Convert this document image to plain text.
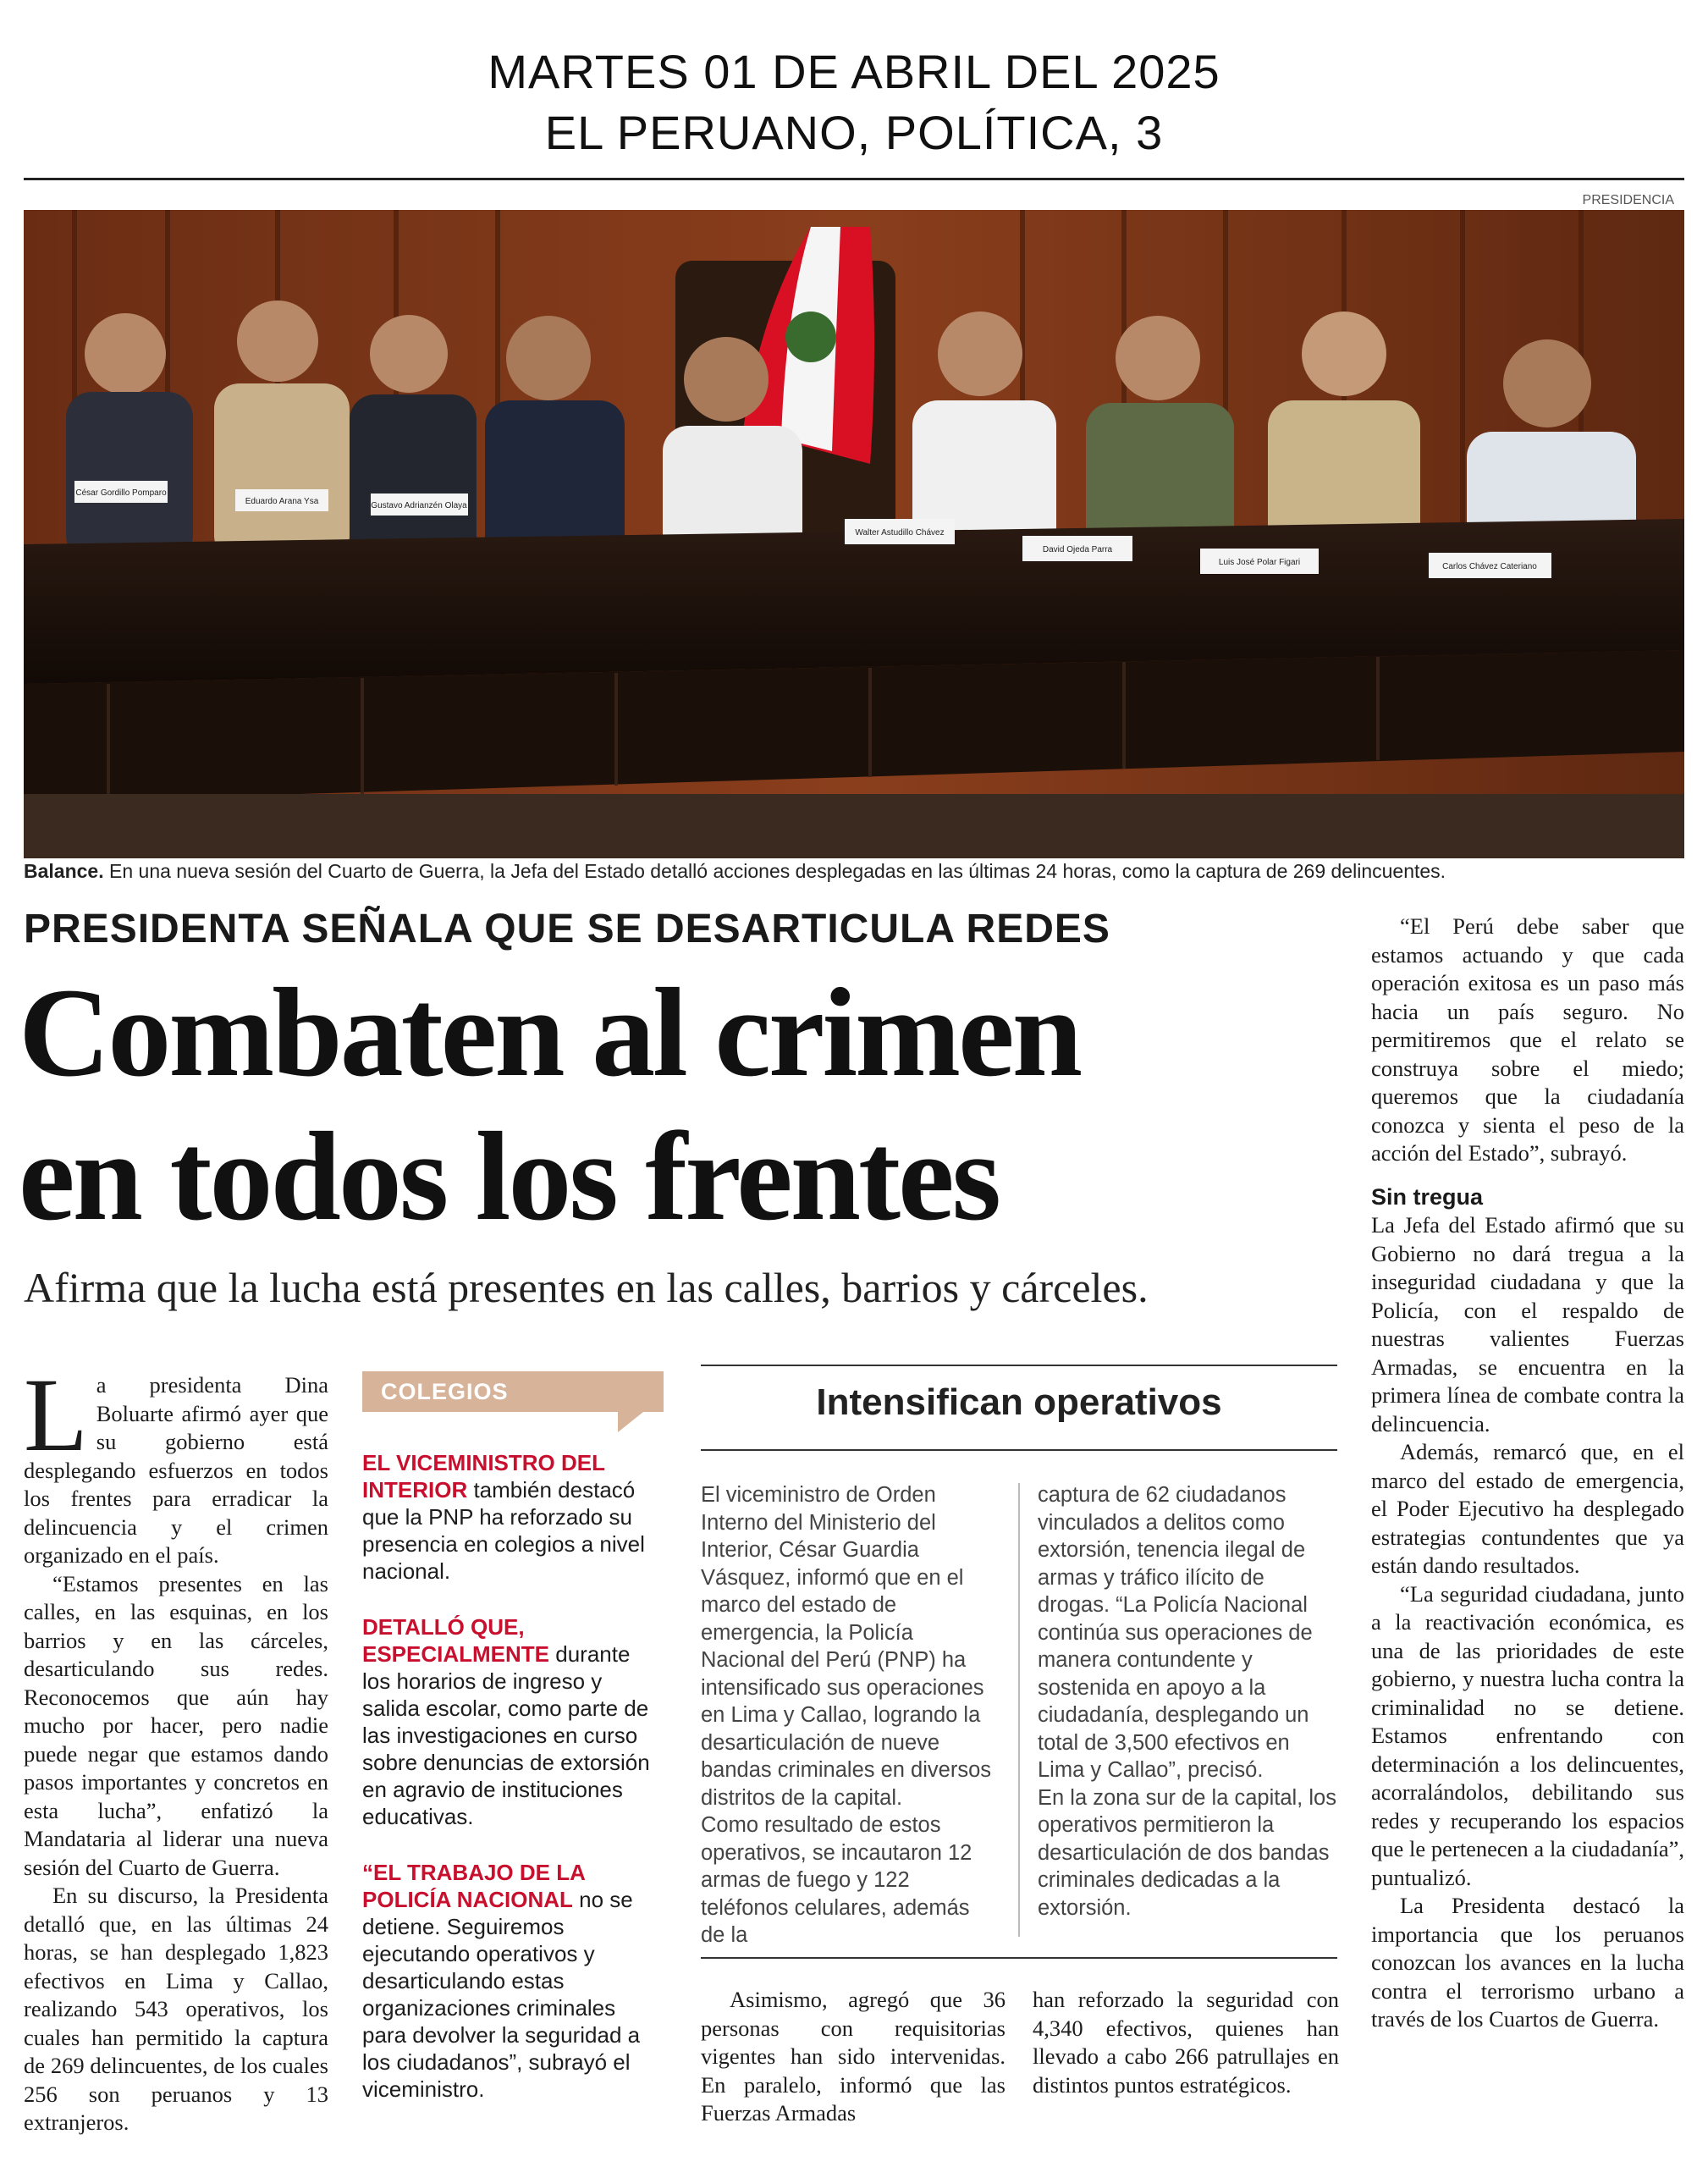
MARTES 01 DE ABRIL DEL 2025
EL PERUANO, POLÍTICA, 3
PRESIDENCIA
César Gordillo Pomparo
Eduardo Arana Ysa	Gustavo Adrianzén Olaya
Walter Astudillo Chávez
David Ojeda Parra
Luis José Polar Figari	Carlos Chávez Cateriano
Balance. En una nueva sesión del Cuarto de Guerra, la Jefa del Estado detalló acciones desplegadas en las últimas 24 horas, como la captura de 269 delincuentes.
PRESIDENTA SEÑALA QUE SE DESARTICULA REDES
Combaten al crimen
en todos los frentes
Afirma que la lucha está presentes en las calles, barrios y cárceles.

La presidenta Dina Boluarte afirmó ayer que su gobierno está desplegando esfuerzos en todos los frentes para erradicar la delincuencia y el crimen organizado en el país.

“Estamos presentes en las calles, en las esquinas, en los barrios y en las cárceles, desarticulando sus redes. Reconocemos que aún hay mucho por hacer, pero nadie puede negar que estamos dando pasos importantes y concretos en esta lucha”, enfatizó la Mandataria al liderar una nueva sesión del Cuarto de Guerra.

En su discurso, la Presidenta detalló que, en las últimas 24 horas, se han desplegado 1,823 efectivos en Lima y Callao, realizando 543 operativos, los cuales han permitido la captura de 269 delincuentes, de los cuales 256 son peruanos y 13 extranjeros.

COLEGIOS

EL VICEMINISTRO DEL INTERIOR también destacó que la PNP ha reforzado su presencia en colegios a nivel nacional.

DETALLÓ QUE, ESPECIALMENTE durante los horarios de ingreso y salida escolar, como parte de las investigaciones en curso sobre denuncias de extorsión en agravio de instituciones educativas.

“EL TRABAJO DE LA POLICÍA NACIONAL no se detiene. Seguiremos ejecutando operativos y desarticulando estas organizaciones criminales para devolver la seguridad a los ciudadanos”, subrayó el viceministro.

Intensifican operativos

El viceministro de Orden Interno del Ministerio del Interior, César Guardia Vásquez, informó que en el marco del estado de emergencia, la Policía Nacional del Perú (PNP) ha intensificado sus operaciones en Lima y Callao, logrando la desarticulación de nueve bandas criminales en diversos distritos de la capital.

Como resultado de estos operativos, se incautaron 12 armas de fuego y 122 teléfonos celulares, además de la

captura de 62 ciudadanos vinculados a delitos como extorsión, tenencia ilegal de armas y tráfico ilícito de drogas. “La Policía Nacional continúa sus operaciones de manera contundente y sostenida en apoyo a la ciudadanía, desplegando un total de 3,500 efectivos en Lima y Callao”, precisó.

En la zona sur de la capital, los operativos permitieron la desarticulación de dos bandas criminales dedicadas a la extorsión.

Asimismo, agregó que 36 personas con requisitorias vigentes han sido intervenidas. En paralelo, informó que las Fuerzas Armadas

han reforzado la seguridad con 4,340 efectivos, quienes han llevado a cabo 266 patrullajes en distintos puntos estratégicos.

“El Perú debe saber que estamos actuando y que cada operación exitosa es un paso más hacia un país seguro. No permitiremos que el relato se construya sobre el miedo; queremos que la ciudadanía conozca y sienta el peso de la acción del Estado”, subrayó.

Sin tregua

La Jefa del Estado afirmó que su Gobierno no dará tregua a la inseguridad ciudadana y que la Policía, con el respaldo de nuestras valientes Fuerzas Armadas, se encuentra en la primera línea de combate contra la delincuencia.

Además, remarcó que, en el marco del estado de emergencia, el Poder Ejecutivo ha desplegado estrategias contundentes que ya están dando resultados.

“La seguridad ciudadana, junto a la reactivación económica, es una de las prioridades de este gobierno, y nuestra lucha contra la criminalidad no se detiene. Estamos enfrentando con determinación a los delincuentes, acorralándolos, debilitando sus redes y recuperando los espacios que le pertenecen a la ciudadanía”, puntualizó.

La Presidenta destacó la importancia que los peruanos conozcan los avances en la lucha contra el terrorismo urbano a través de los Cuartos de Guerra.
